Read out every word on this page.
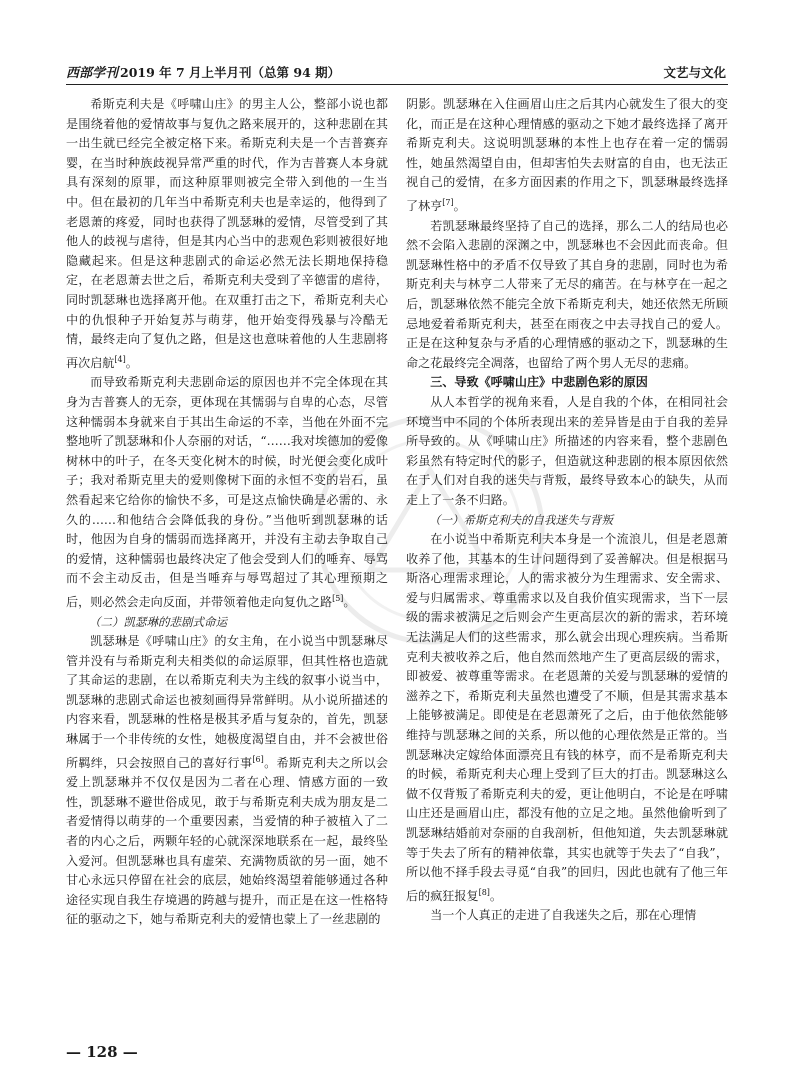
西部学刊 2019 年 7 月上半月刊（总第 94 期）	文艺与文化

希斯克利夫是《呼啸山庄》的男主人公，整部小说也都是围绕着他的爱情故事与复仇之路来展开的，这种悲剧在其一出生就已经完全被定格下来。希斯克利夫是一个吉普赛弃婴，在当时种族歧视异常严重的时代，作为吉普赛人本身就具有深刻的原罪，而这种原罪则被完全带入到他的一生当中。但在最初的几年当中希斯克利夫也是幸运的，他得到了老恩萧的疼爱，同时也获得了凯瑟琳的爱情，尽管受到了其他人的歧视与虐待，但是其内心当中的悲观色彩则被很好地隐藏起来。但是这种悲剧式的命运必然无法长期地保持稳定，在老恩萧去世之后，希斯克利夫受到了辛德雷的虐待，同时凯瑟琳也选择离开他。在双重打击之下，希斯克利夫心中的仇恨种子开始复苏与萌芽，他开始变得残暴与冷酷无情，最终走向了复仇之路，但是这也意味着他的人生悲剧将再次启航[4]。

而导致希斯克利夫悲剧命运的原因也并不完全体现在其身为吉普赛人的无奈，更体现在其懦弱与自卑的心态，尽管这种懦弱本身就来自于其出生命运的不幸，当他在外面不完整地听了凯瑟琳和仆人奈丽的对话，“……我对埃德加的爱像树林中的叶子，在冬天变化树木的时候，时光便会变化成叶子；我对希斯克里夫的爱则像树下面的永恒不变的岩石，虽然看起来它给你的愉快不多，可是这点愉快确是必需的、永久的……和他结合会降低我的身份。”当他听到凯瑟琳的话时，他因为自身的懦弱而选择离开，并没有主动去争取自己的爱情，这种懦弱也最终决定了他会受到人们的唾弃、辱骂而不会主动反击，但是当唾弃与辱骂超过了其心理预期之后，则必然会走向反面，并带领着他走向复仇之路[5]。

（二）凯瑟琳的悲剧式命运

凯瑟琳是《呼啸山庄》的女主角，在小说当中凯瑟琳尽管并没有与希斯克利夫相类似的命运原罪，但其性格也造就了其命运的悲剧，在以希斯克利夫为主线的叙事小说当中，凯瑟琳的悲剧式命运也被刻画得异常鲜明。从小说所描述的内容来看，凯瑟琳的性格是极其矛盾与复杂的，首先，凯瑟琳属于一个非传统的女性，她极度渴望自由，并不会被世俗所羁绊，只会按照自己的喜好行事[6]。希斯克利夫之所以会爱上凯瑟琳并不仅仅是因为二者在心理、情感方面的一致性，凯瑟琳不避世俗成见，敢于与希斯克利夫成为朋友是二者爱情得以萌芽的一个重要因素，当爱情的种子被植入了二者的内心之后，两颗年轻的心就深深地联系在一起，最终坠入爱河。但凯瑟琳也具有虚荣、充满物质欲的另一面，她不甘心永远只停留在社会的底层，她始终渴望着能够通过各种途径实现自我生存境遇的跨越与提升，而正是在这一性格特征的驱动之下，她与希斯克利夫的爱情也蒙上了一丝悲剧的

阴影。凯瑟琳在入住画眉山庄之后其内心就发生了很大的变化，而正是在这种心理情感的驱动之下她才最终选择了离开希斯克利夫。这说明凯瑟琳的本性上也存在着一定的懦弱性，她虽然渴望自由，但却害怕失去财富的自由，也无法正视自己的爱情，在多方面因素的作用之下，凯瑟琳最终选择了林亨[7]。

若凯瑟琳最终坚持了自己的选择，那么二人的结局也必然不会陷入悲剧的深渊之中，凯瑟琳也不会因此而丧命。但凯瑟琳性格中的矛盾不仅导致了其自身的悲剧，同时也为希斯克利夫与林亨二人带来了无尽的痛苦。在与林亨在一起之后，凯瑟琳依然不能完全放下希斯克利夫，她还依然无所顾忌地爱着希斯克利夫，甚至在雨夜之中去寻找自己的爱人。正是在这种复杂与矛盾的心理情感的驱动之下，凯瑟琳的生命之花最终完全凋落，也留给了两个男人无尽的悲痛。

三、导致《呼啸山庄》中悲剧色彩的原因

从人本哲学的视角来看，人是自我的个体，在相同社会环境当中不同的个体所表现出来的差异皆是由于自我的差异所导致的。从《呼啸山庄》所描述的内容来看，整个悲剧色彩虽然有特定时代的影子，但造就这种悲剧的根本原因依然在于人们对自我的迷失与背叛，最终导致本心的缺失，从而走上了一条不归路。

（一）希斯克利夫的自我迷失与背叛

在小说当中希斯克利夫本身是一个流浪儿，但是老恩萧收养了他，其基本的生计问题得到了妥善解决。但是根据马斯洛心理需求理论，人的需求被分为生理需求、安全需求、爱与归属需求、尊重需求以及自我价值实现需求，当下一层级的需求被满足之后则会产生更高层次的新的需求，若环境无法满足人们的这些需求，那么就会出现心理疾病。当希斯克利夫被收养之后，他自然而然地产生了更高层级的需求，即被爱、被尊重等需求。在老恩萧的关爱与凯瑟琳的爱情的滋养之下，希斯克利夫虽然也遭受了不顺，但是其需求基本上能够被满足。即使是在老恩萧死了之后，由于他依然能够维持与凯瑟琳之间的关系，所以他的心理依然是正常的。当凯瑟琳决定嫁给体面漂亮且有钱的林亨，而不是希斯克利夫的时候，希斯克利夫心理上受到了巨大的打击。凯瑟琳这么做不仅背叛了希斯克利夫的爱，更让他明白，不论是在呼啸山庄还是画眉山庄，都没有他的立足之地。虽然他偷听到了凯瑟琳结婚前对奈丽的自我剖析，但他知道，失去凯瑟琳就等于失去了所有的精神依靠，其实也就等于失去了“自我”，所以他不择手段去寻觅“自我”的回归，因此也就有了他三年后的疯狂报复[8]。

当一个人真正的走进了自我迷失之后，那在心理情

— 128 —
